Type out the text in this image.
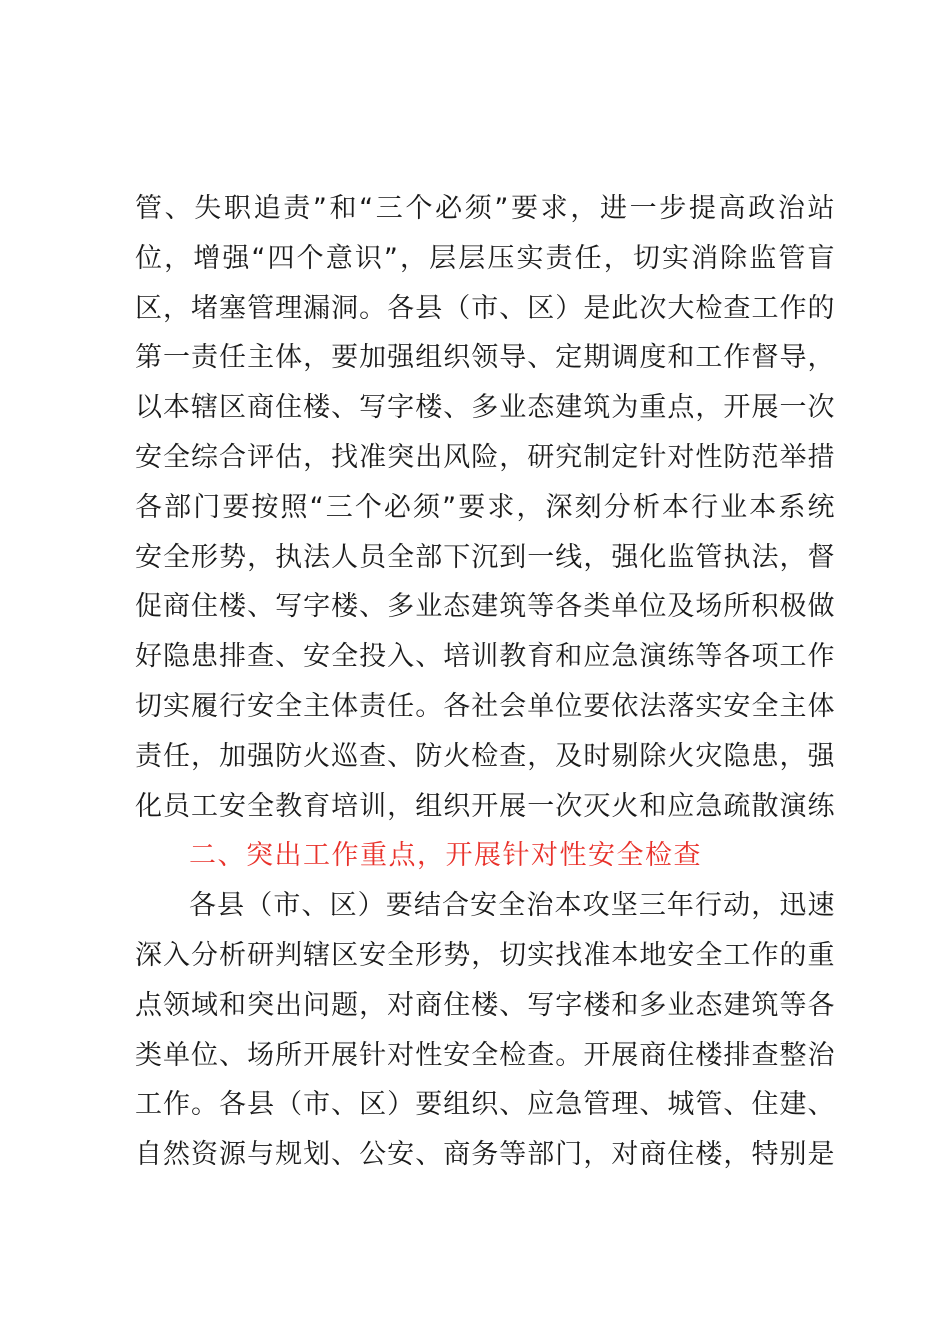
管、失职追责”和“三个必须”要求，进一步提高政治站
位，增强“四个意识”，层层压实责任，切实消除监管盲
区，堵塞管理漏洞。各县（市、区）是此次大检查工作的
第一责任主体，要加强组织领导、定期调度和工作督导，
以本辖区商住楼、写字楼、多业态建筑为重点，开展一次
安全综合评估，找准突出风险，研究制定针对性防范举措
各部门要按照“三个必须”要求，深刻分析本行业本系统
安全形势，执法人员全部下沉到一线，强化监管执法，督
促商住楼、写字楼、多业态建筑等各类单位及场所积极做
好隐患排查、安全投入、培训教育和应急演练等各项工作
切实履行安全主体责任。各社会单位要依法落实安全主体
责任，加强防火巡查、防火检查，及时剔除火灾隐患，强
化员工安全教育培训，组织开展一次灭火和应急疏散演练
二、突出工作重点，开展针对性安全检查
各县（市、区）要结合安全治本攻坚三年行动，迅速
深入分析研判辖区安全形势，切实找准本地安全工作的重
点领域和突出问题，对商住楼、写字楼和多业态建筑等各
类单位、场所开展针对性安全检查。开展商住楼排查整治
工作。各县（市、区）要组织、应急管理、城管、住建、
自然资源与规划、公安、商务等部门，对商住楼，特别是
